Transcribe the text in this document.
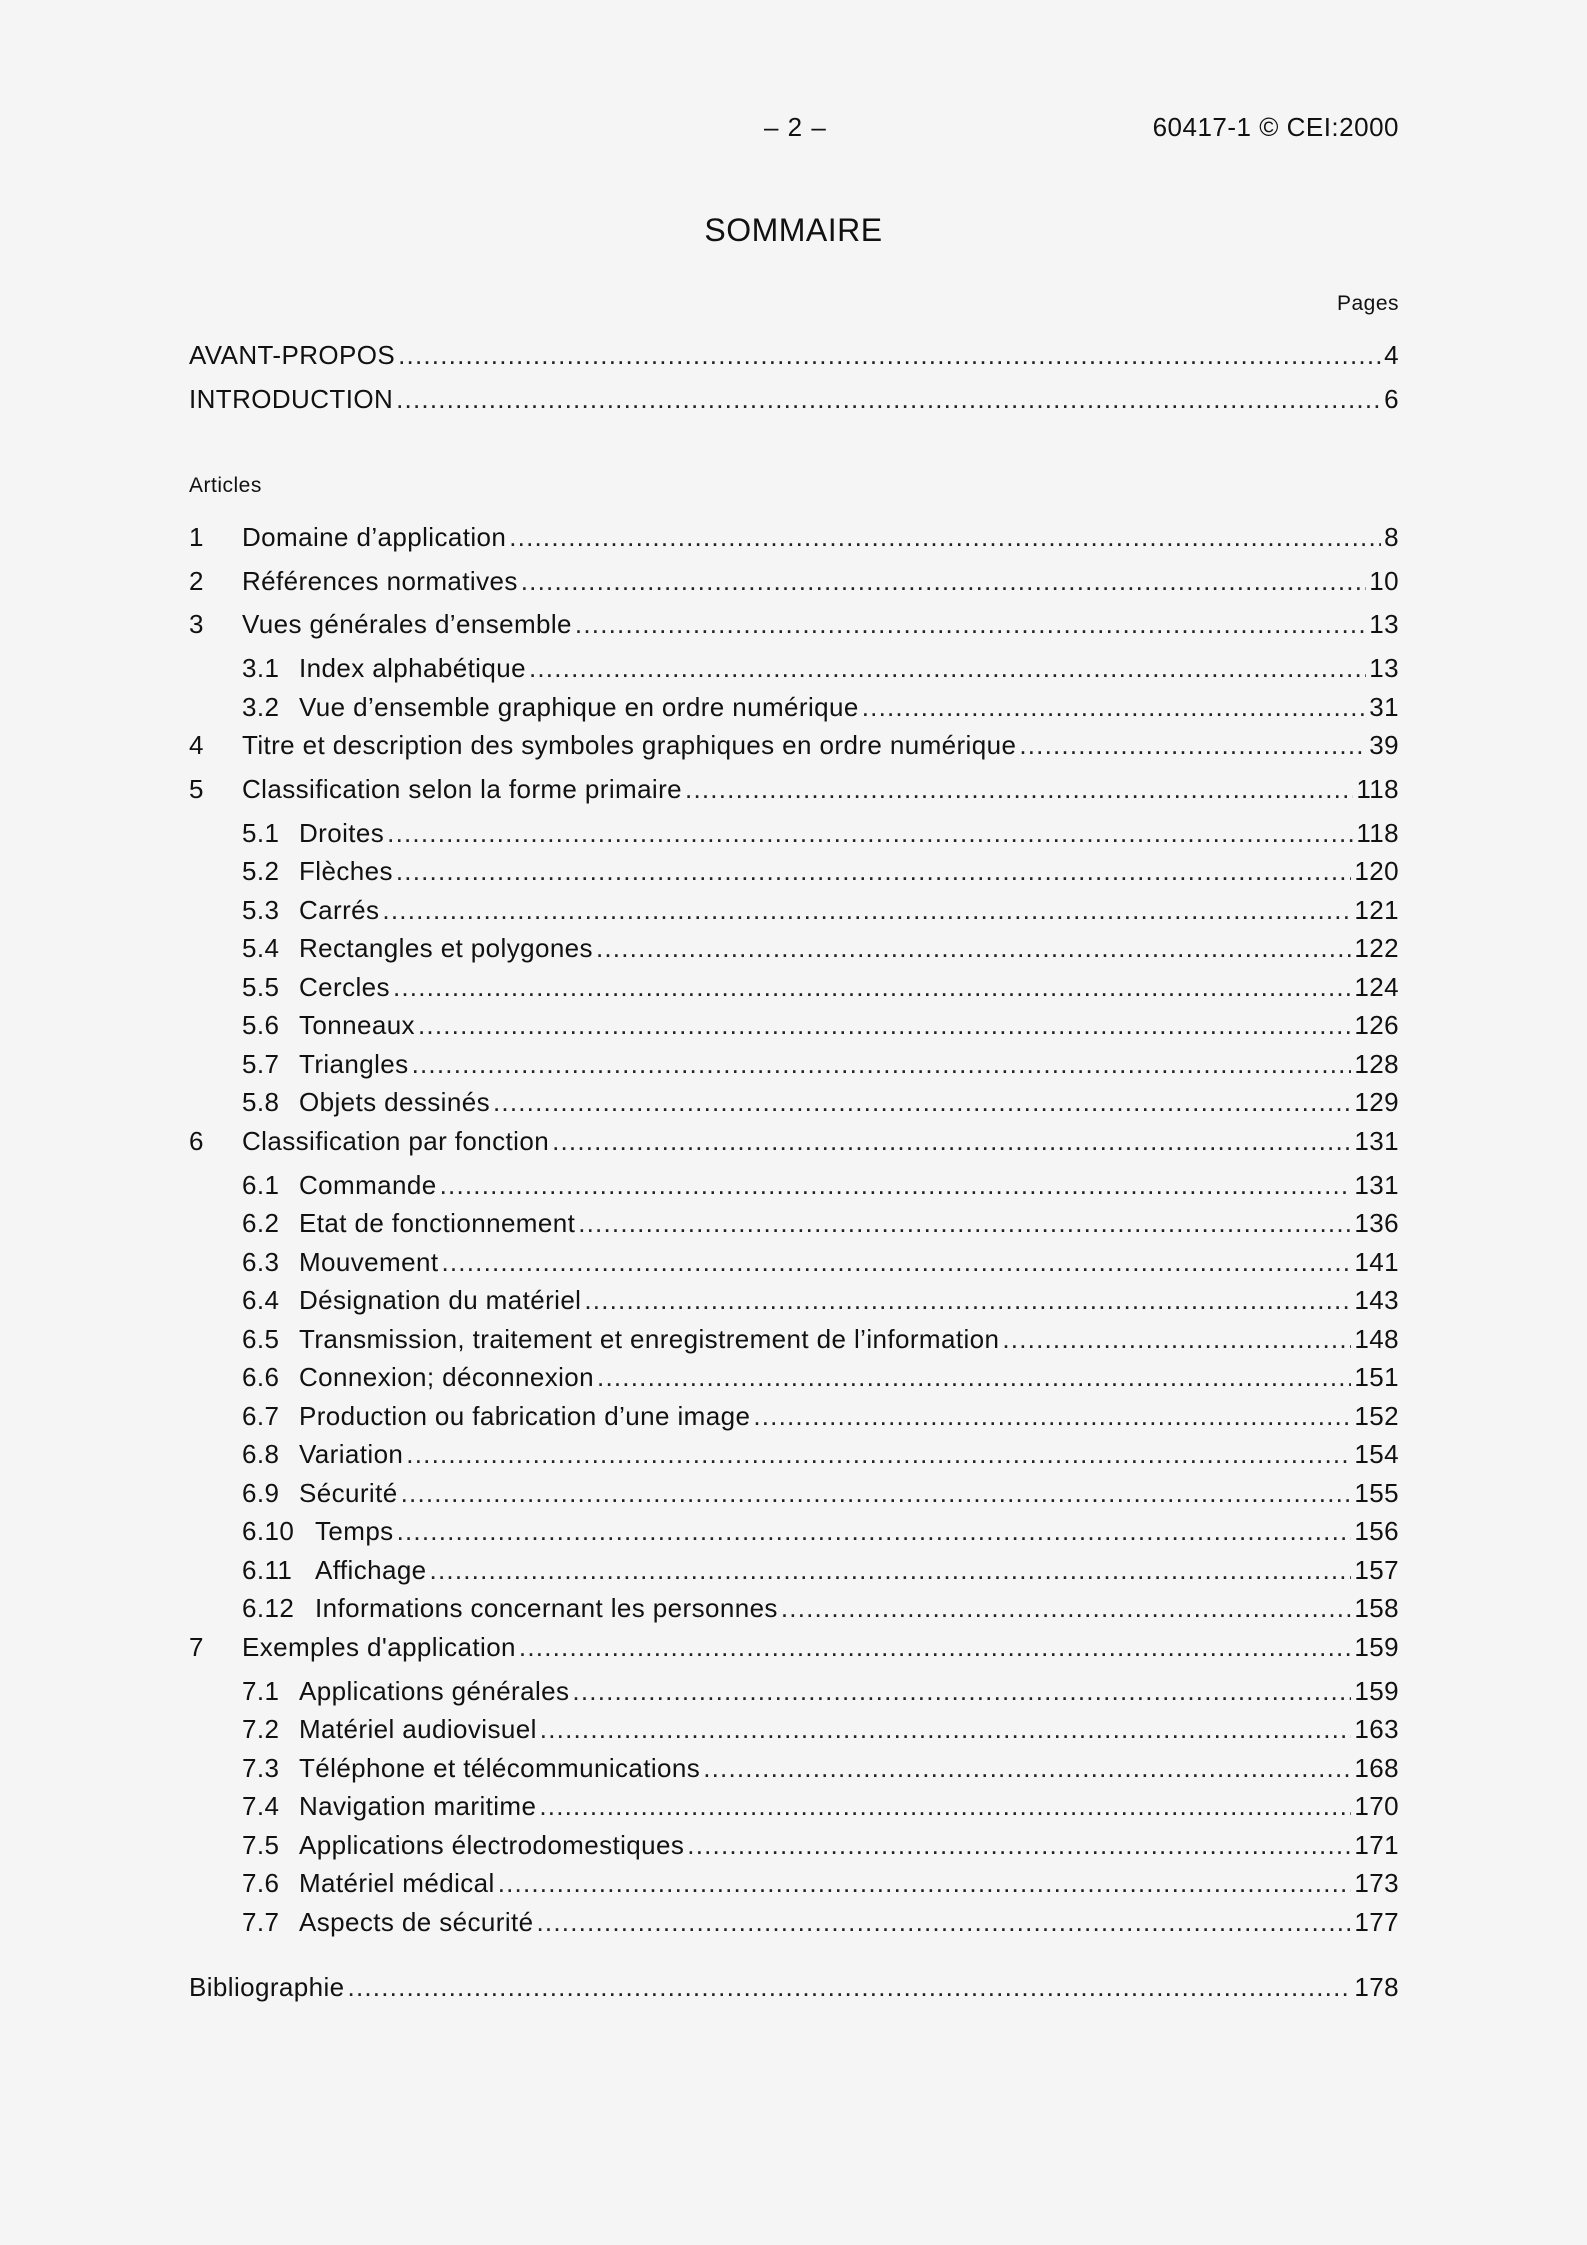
– 2 –	60417-1 © CEI:2000
SOMMAIRE
Pages
Articles
AVANT-PROPOS .....	4
INTRODUCTION .....	6
1	Domaine d’application .....	8
2	Références normatives .....	10
3	Vues générales d’ensemble .....	13
3.1 Index alphabétique .....	13
3.2 Vue d’ensemble graphique en ordre numérique .....	31
4	Titre et description des symboles graphiques en ordre numérique .....	39
5	Classification selon la forme primaire .....	118
5.1 Droites .....	118
5.2 Flèches .....	120
5.3 Carrés .....	121
5.4 Rectangles et polygones .....	122
5.5 Cercles .....	124
5.6 Tonneaux .....	126
5.7 Triangles .....	128
5.8 Objets dessinés .....	129
6	Classification par fonction .....	131
6.1 Commande .....	131
6.2 Etat de fonctionnement .....	136
6.3 Mouvement .....	141
6.4 Désignation du matériel .....	143
6.5 Transmission, traitement et enregistrement de l’information .....	148
6.6 Connexion; déconnexion .....	151
6.7 Production ou fabrication d’une image .....	152
6.8 Variation .....	154
6.9 Sécurité .....	155
6.10 Temps .....	156
6.11 Affichage .....	157
6.12 Informations concernant les personnes .....	158
7	Exemples d'application .....	159
7.1 Applications générales .....	159
7.2 Matériel audiovisuel .....	163
7.3 Téléphone et télécommunications .....	168
7.4 Navigation maritime .....	170
7.5 Applications électrodomestiques .....	171
7.6 Matériel médical .....	173
7.7 Aspects de sécurité .....	177
Bibliographie .....	178
